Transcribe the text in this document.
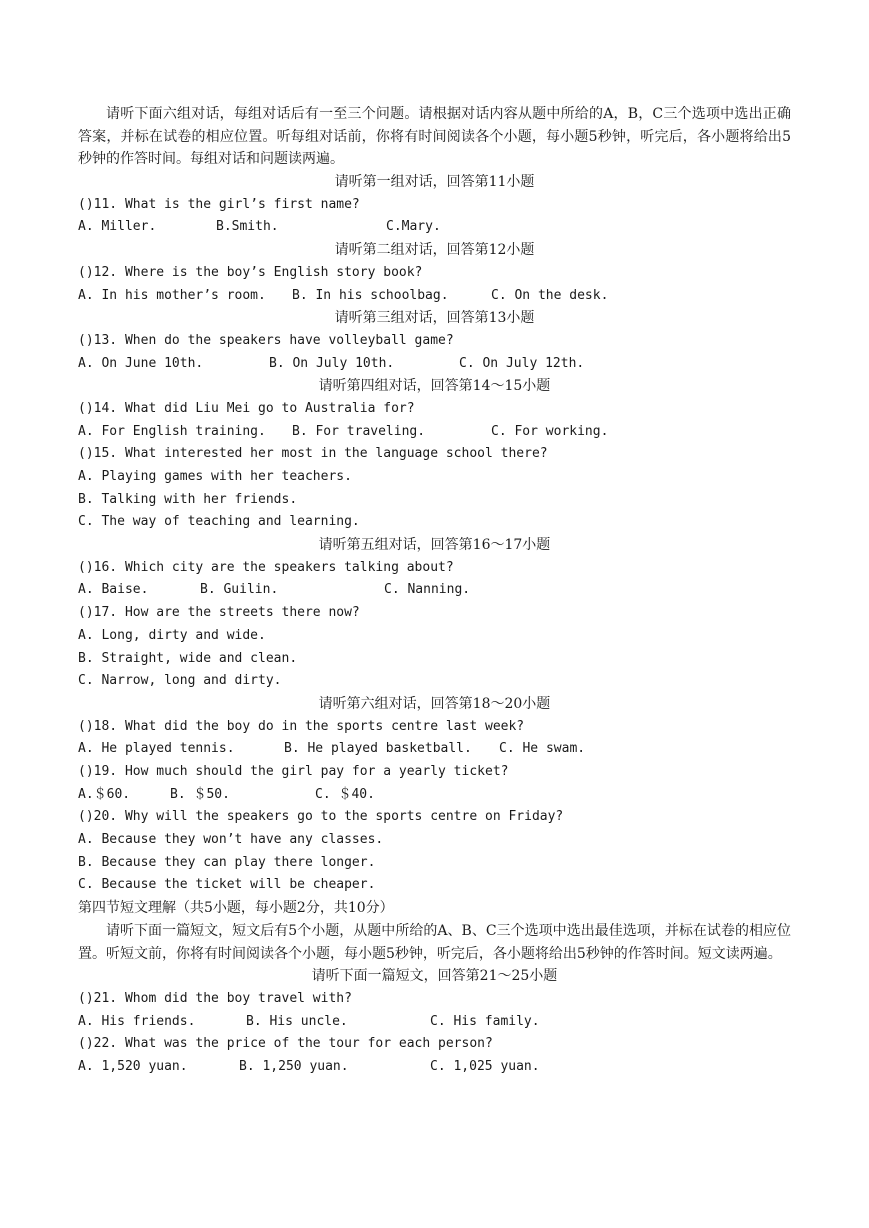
请听下面六组对话，每组对话后有一至三个问题。请根据对话内容从题中所给的A，B，C三个选项中选出正确答案，并标在试卷的相应位置。听每组对话前，你将有时间阅读各个小题，每小题5秒钟，听完后，各小题将给出5秒钟的作答时间。每组对话和问题读两遍。
请听第一组对话，回答第11小题
()11. What is the girl’s first name?
A. Miller.	B.Smith.	C.Mary.
请听第二组对话，回答第12小题
()12. Where is the boy’s English story book?
A. In his mother’s room.	B. In his schoolbag.	C. On the desk.
请听第三组对话，回答第13小题
()13. When do the speakers have volleyball game?
A. On June 10th.	B. On July 10th.	C. On July 12th.
请听第四组对话，回答第14～15小题
()14. What did Liu Mei go to Australia for?
A. For English training.	B. For traveling.	C. For working.
()15. What interested her most in the language school there?
A. Playing games with her teachers.
B. Talking with her friends.
C. The way of teaching and learning.
请听第五组对话，回答第16～17小题
()16. Which city are the speakers talking about?
A. Baise.	B. Guilin.	C. Nanning.
()17. How are the streets there now?
A. Long, dirty and wide.
B. Straight, wide and clean.
C. Narrow, long and dirty.
请听第六组对话，回答第18～20小题
()18. What did the boy do in the sports centre last week?
A. He played tennis.	B. He played basketball.	C. He swam.
()19. How much should the girl pay for a yearly ticket?
A.＄60.	B. ＄50.	C. ＄40.
()20. Why will the speakers go to the sports centre on Friday?
A. Because they won’t have any classes.
B. Because they can play there longer.
C. Because the ticket will be cheaper.
第四节短文理解（共5小题，每小题2分，共10分）
请听下面一篇短文，短文后有5个小题，从题中所给的A、B、C三个选项中选出最佳选项，并标在试卷的相应位置。听短文前，你将有时间阅读各个小题，每小题5秒钟，听完后，各小题将给出5秒钟的作答时间。短文读两遍。
请听下面一篇短文，回答第21～25小题
()21. Whom did the boy travel with?
A. His friends.	B. His uncle.	C. His family.
()22. What was the price of the tour for each person?
A. 1,520 yuan.	B. 1,250 yuan.	C. 1,025 yuan.
